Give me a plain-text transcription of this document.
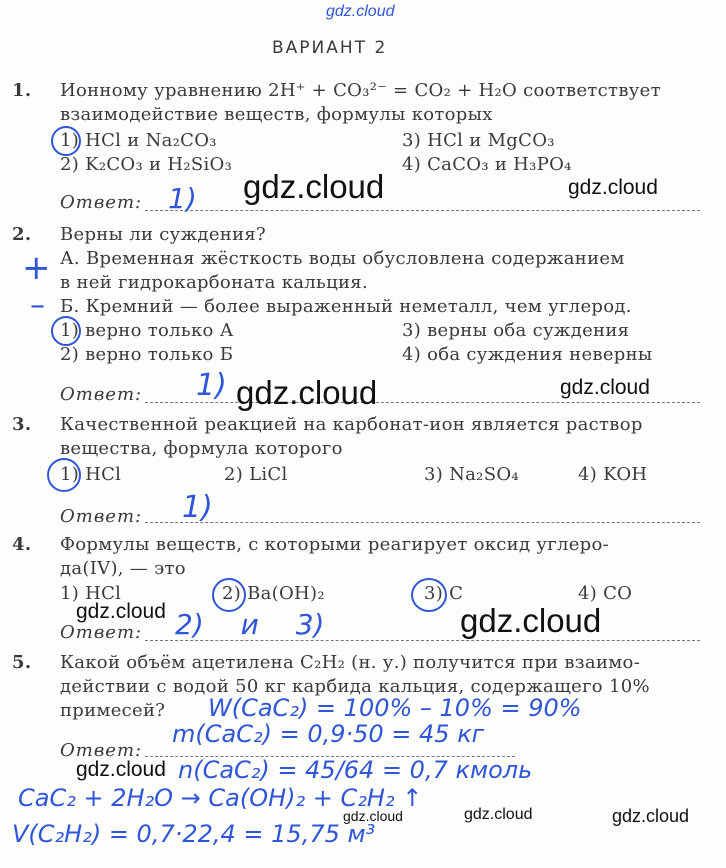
gdz.cloud
ВАРИАНТ 2
1. Ионному уравнению 2H⁺ + CO₃²⁻ = CO₂ + H₂O соответствует
взаимодействие веществ, формулы которых
1) HCl и Na₂CO₃	3) HCl и MgCO₃
2) K₂CO₃ и H₂SiO₃	4) CaCO₃ и H₃PO₄
Ответ: 1) gdz.cloud	gdz.cloud
2. Верны ли суждения?
А. Временная жёсткость воды обусловлена содержанием
в ней гидрокарбоната кальция.
Б. Кремний — более выраженный неметалл, чем углерод.
+
–
1) верно только А	3) верны оба суждения
2) верно только Б	4) оба суждения неверны
Ответ: 1) gdz.cloud	gdz.cloud
3. Качественной реакцией на карбонат-ион является раствор
вещества, формула которого
1) HCl	2) LiCl	3) Na₂SO₄	4) KOH
Ответ: 1)
4. Формулы веществ, с которыми реагирует оксид углеро-
да(IV), — это
1) HCl	2) Ba(OH)₂	3) C	4) CO
Ответ: 2) и 3)
gdz.cloud	gdz.cloud
5. Какой объём ацетилена C₂H₂ (н. у.) получится при взаимо-
действии с водой 50 кг карбида кальция, содержащего 10%
примесей? W(CaC₂) = 100% – 10% = 90%
Ответ:
m(CaC₂) = 0,9·50 = 45 кг
n(CaC₂) = 45/64 = 0,7 кмоль
CaC₂ + 2H₂O → Ca(OH)₂ + C₂H₂ ↑
V(C₂H₂) = 0,7·22,4 = 15,75 м³
gdz.cloud
gdz.cloud	gdz.cloud	gdz.cloud
